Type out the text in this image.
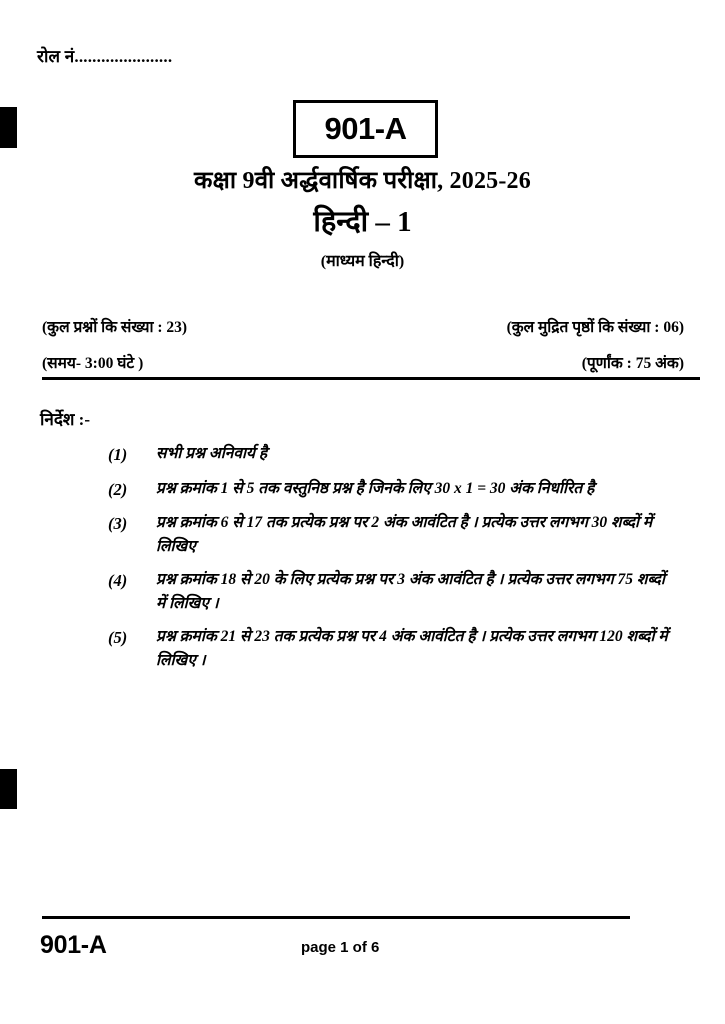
रोल नं......................
901-A
कक्षा 9वी अर्द्धवार्षिक परीक्षा, 2025-26
हिन्दी – 1
(माध्यम हिन्दी)
(कुल प्रश्नों कि संख्या : 23)	(कुल मुद्रित पृष्ठों कि संख्या : 06)
(समय- 3:00 घंटे )	(पूर्णांक : 75 अंक)
निर्देश :-
(1)	सभी प्रश्न अनिवार्य है
(2)	प्रश्न क्रमांक 1 से 5 तक वस्तुनिष्ठ प्रश्न है जिनके लिए 30 x 1 = 30 अंक निर्धारित है
(3)	प्रश्न क्रमांक 6 से 17 तक प्रत्येक प्रश्न पर 2 अंक आवंटित है । प्रत्येक उत्तर लगभग 30 शब्दों में लिखिए
(4)	प्रश्न क्रमांक 18 से 20 के लिए प्रत्येक प्रश्न पर 3 अंक आवंटित है । प्रत्येक उत्तर लगभग 75 शब्दों में लिखिए ।
(5)	प्रश्न क्रमांक 21 से 23 तक प्रत्येक प्रश्न पर 4 अंक आवंटित है । प्रत्येक उत्तर लगभग 120 शब्दों में लिखिए ।
901-A	page 1 of 6
